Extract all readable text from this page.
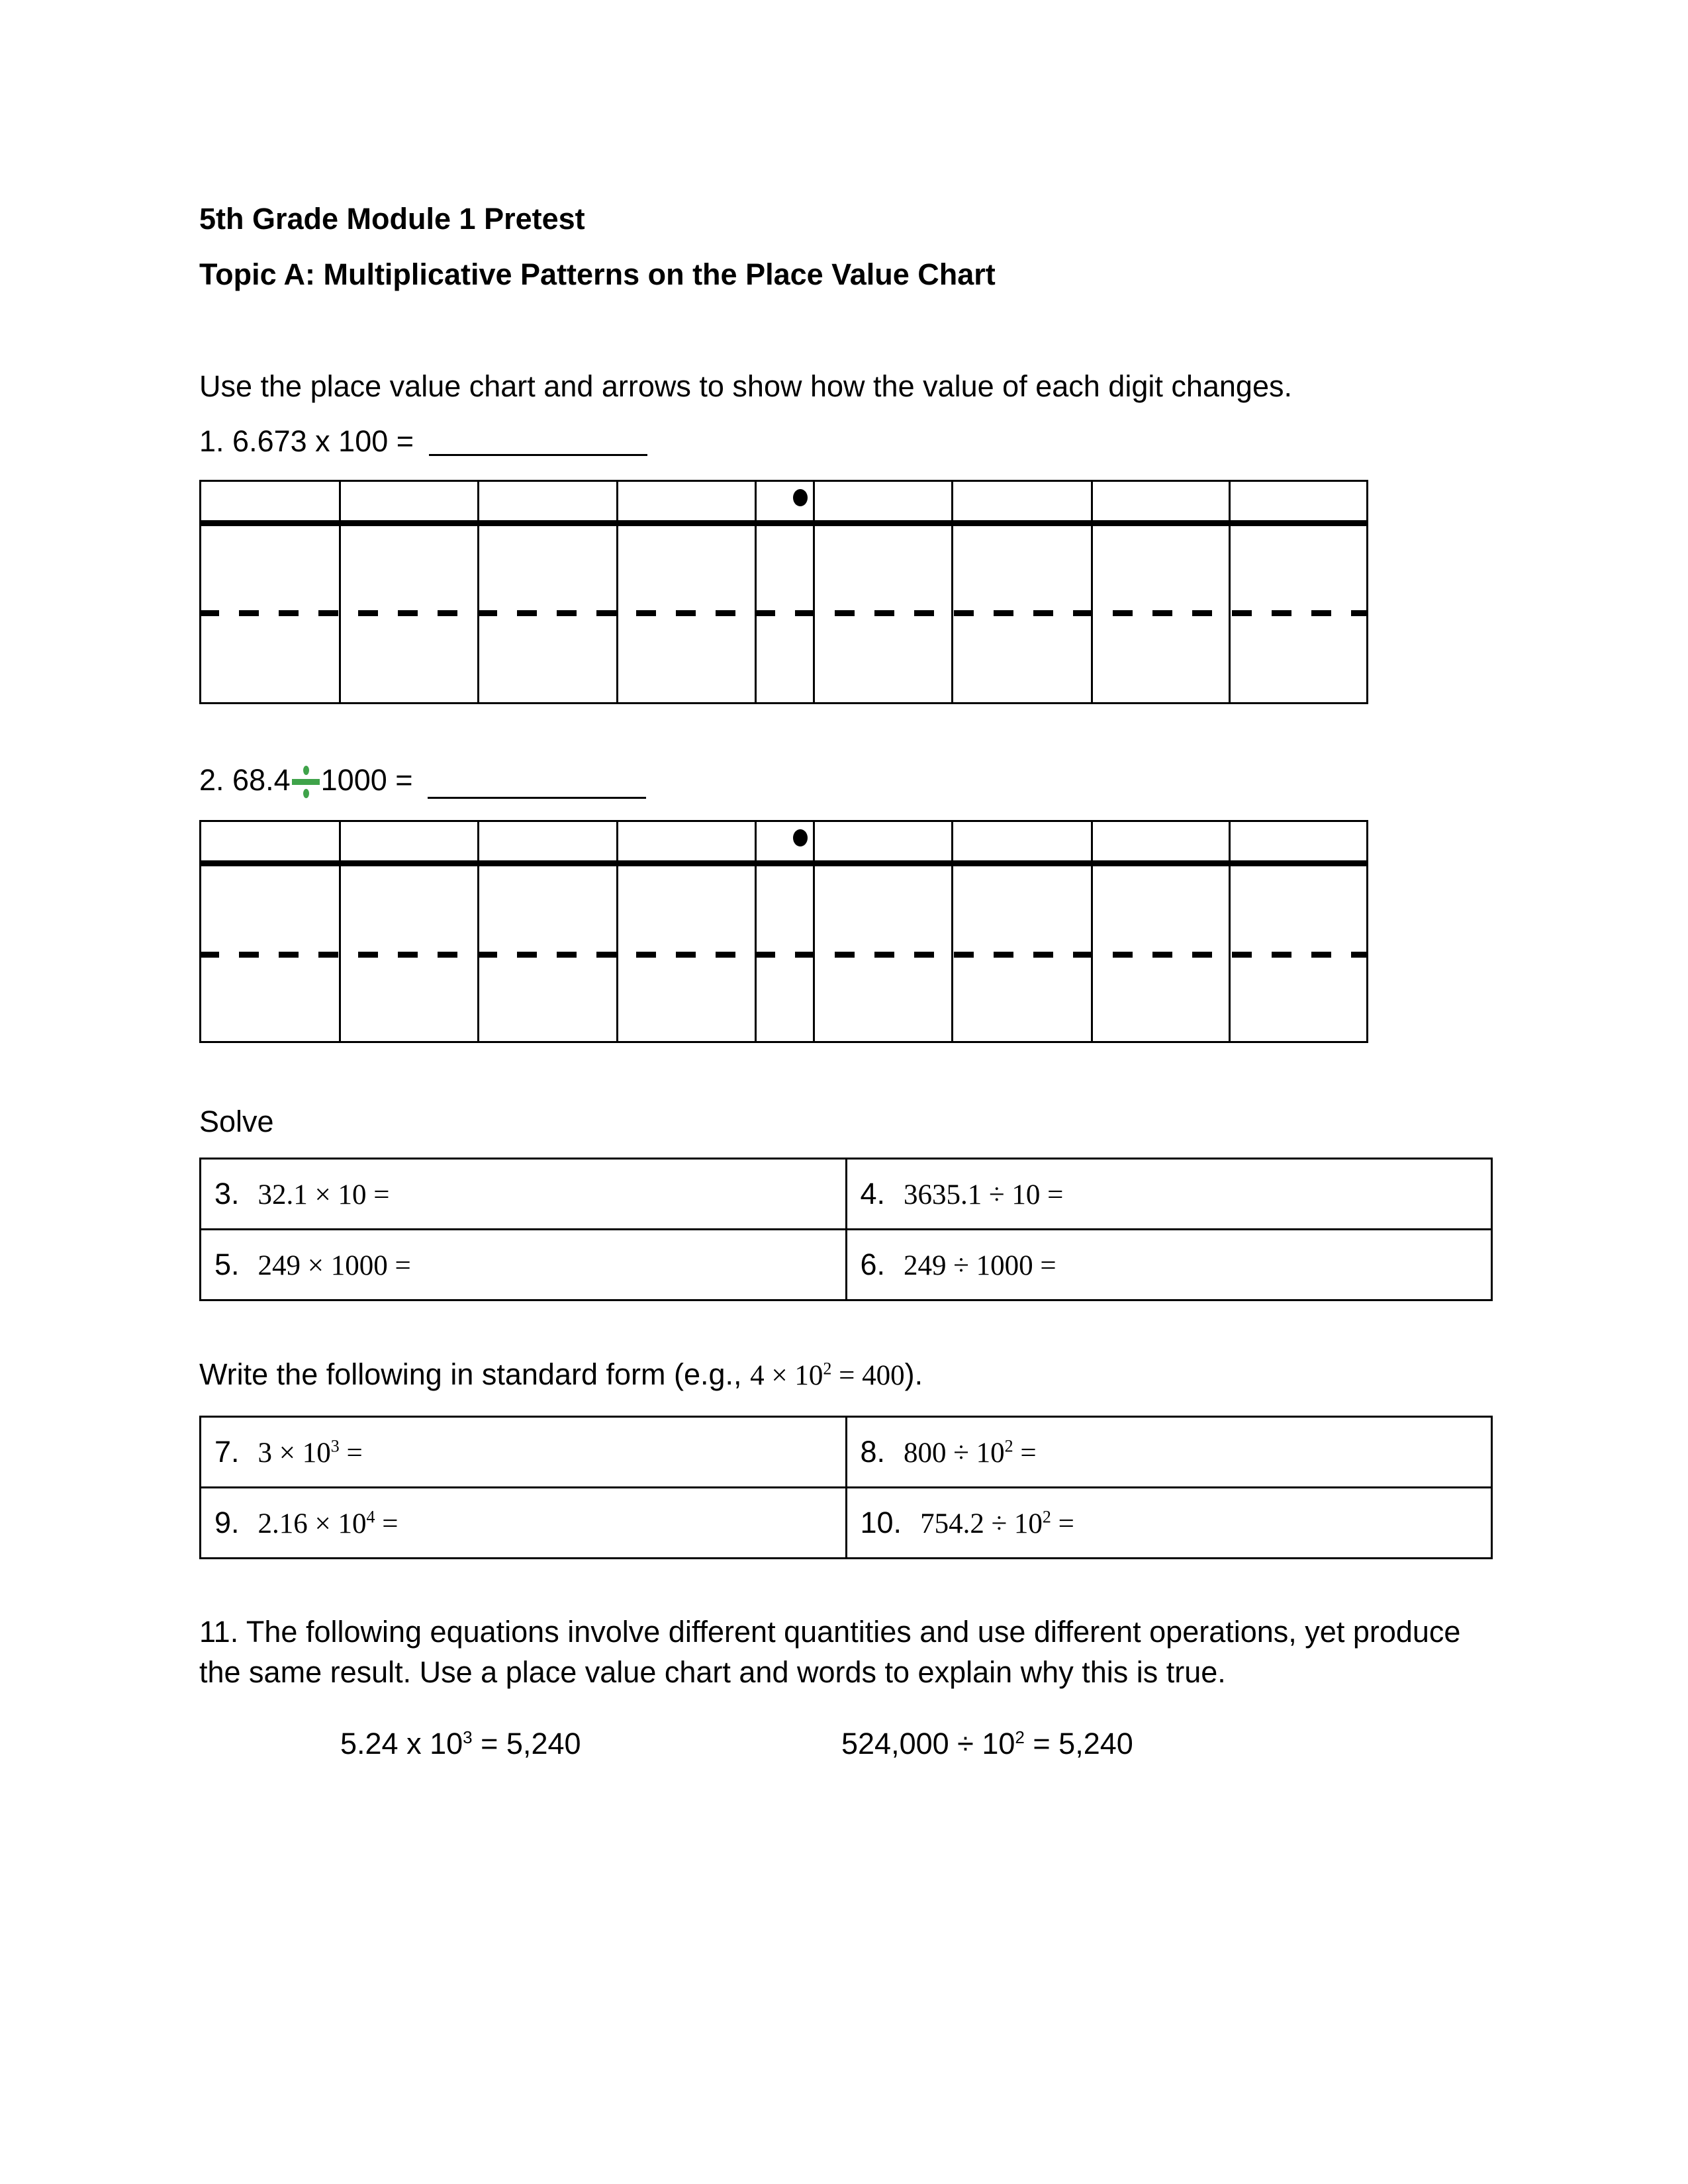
5th Grade Module 1 Pretest
Topic A: Multiplicative Patterns on the Place Value Chart
Use the place value chart and arrows to show how the value of each digit changes.
1. 6.673 x 100 =
2. 68.4 1000 =
Solve
3. 32.1 × 10 =	4. 3635.1 ÷ 10 =
5. 249 × 1000 =	6. 249 ÷ 1000 =
Write the following in standard form (e.g., $4 \times 10^2 = 400$).
7. $3 \times 10^3$ =	8. $800 \div 10^2$ =
9. $2.16 \times 10^4$ =	10. $754.2 \div 10^2$ =
11. The following equations involve different quantities and use different operations, yet produce
the same result. Use a place value chart and words to explain why this is true.
5.24 x $10^3 = 5,240$	$524,000 \div 10^2 = 5,240$
